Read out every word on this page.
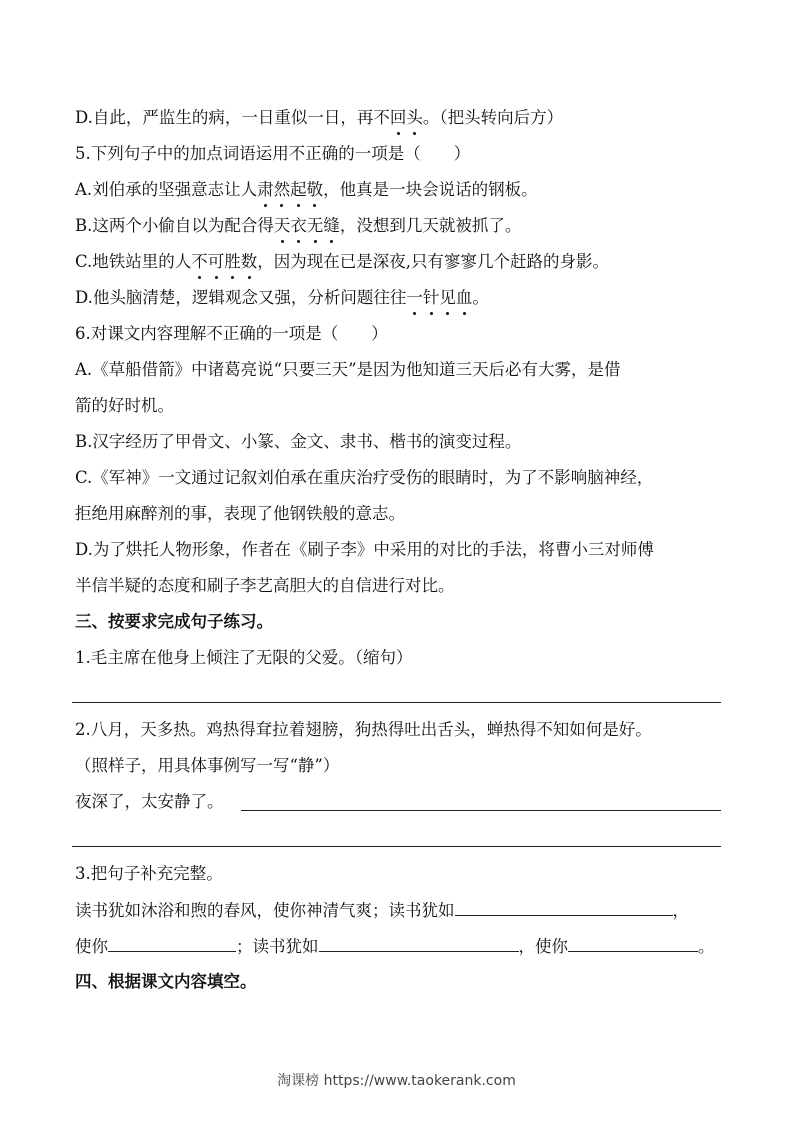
D.自此，严监生的病，一日重似一日，再不回头。（把头转向后方）
5.下列句子中的加点词语运用不正确的一项是（　　）
A.刘伯承的坚强意志让人肃然起敬，他真是一块会说话的钢板。
B.这两个小偷自以为配合得天衣无缝，没想到几天就被抓了。
C.地铁站里的人不可胜数，因为现在已是深夜,只有寥寥几个赶路的身影。
D.他头脑清楚，逻辑观念又强，分析问题往往一针见血。
6.对课文内容理解不正确的一项是（　　）
A.《草船借箭》中诸葛亮说“只要三天”是因为他知道三天后必有大雾，是借
箭的好时机。
B.汉字经历了甲骨文、小篆、金文、隶书、楷书的演变过程。
C.《军神》一文通过记叙刘伯承在重庆治疗受伤的眼睛时，为了不影响脑神经，
拒绝用麻醉剂的事，表现了他钢铁般的意志。
D.为了烘托人物形象，作者在《刷子李》中采用的对比的手法，将曹小三对师傅
半信半疑的态度和刷子李艺高胆大的自信进行对比。
三、按要求完成句子练习。
1.毛主席在他身上倾注了无限的父爱。（缩句）
2.八月，天多热。鸡热得耷拉着翅膀，狗热得吐出舌头，蝉热得不知如何是好。
（照样子，用具体事例写一写“静”）
夜深了，太安静了。
3.把句子补充完整。
读书犹如沐浴和煦的春风，使你神清气爽；读书犹如	，
使你	；读书犹如	，使你	。
四、根据课文内容填空。
淘课榜 https://www.taokerank.com
